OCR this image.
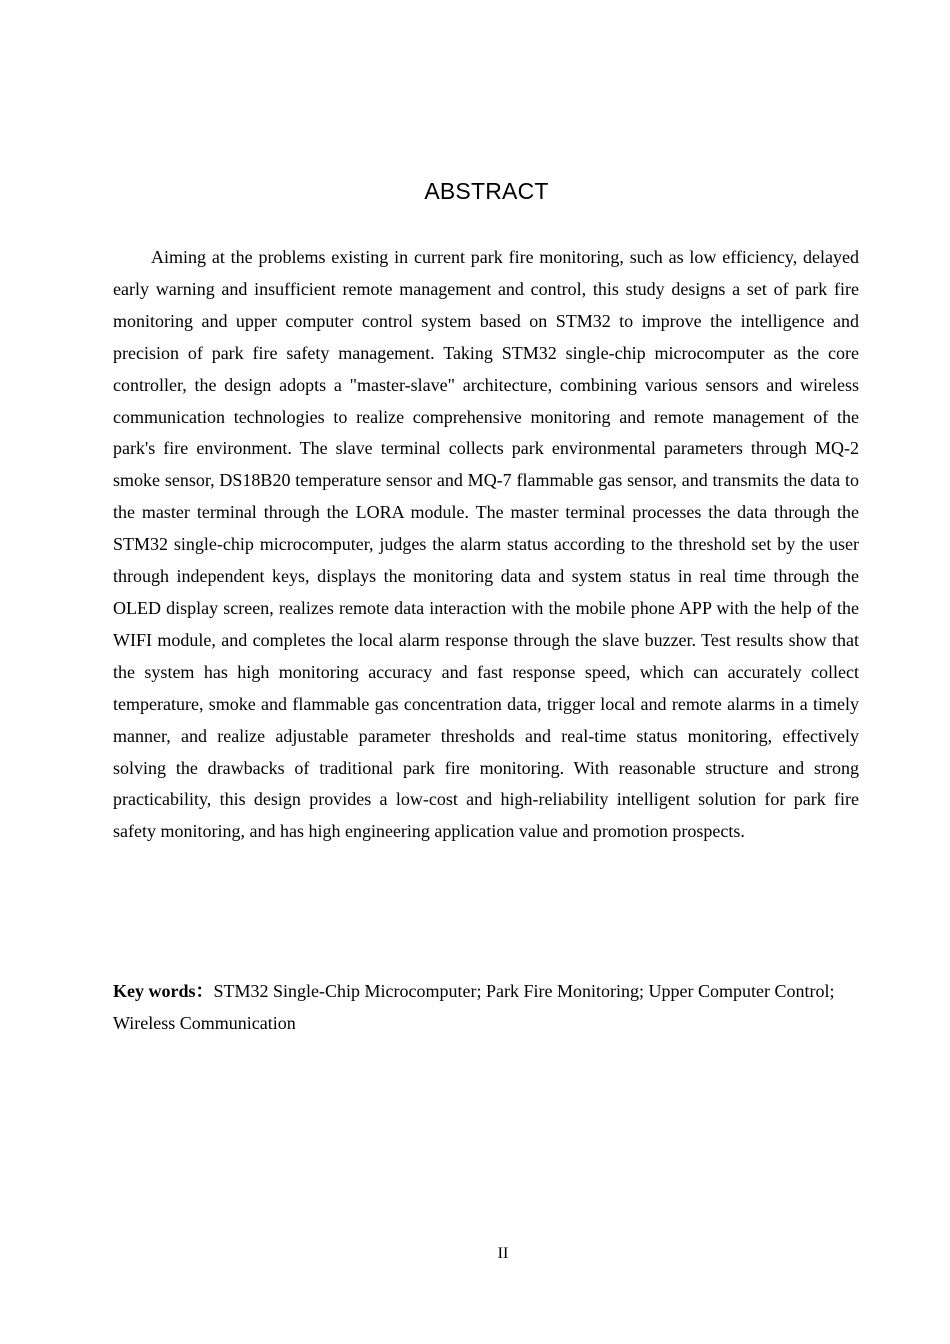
ABSTRACT

Aiming at the problems existing in current park fire monitoring, such as low efficiency, delayed early warning and insufficient remote management and control, this study designs a set of park fire monitoring and upper computer control system based on STM32 to improve the intelligence and precision of park fire safety management. Taking STM32 single-chip microcomputer as the core controller, the design adopts a "master-slave" architecture, combining various sensors and wireless communication technologies to realize comprehensive monitoring and remote management of the park's fire environment. The slave terminal collects park environmental parameters through MQ-2 smoke sensor, DS18B20 temperature sensor and MQ-7 flammable gas sensor, and transmits the data to the master terminal through the LORA module. The master terminal processes the data through the STM32 single-chip microcomputer, judges the alarm status according to the threshold set by the user through independent keys, displays the monitoring data and system status in real time through the OLED display screen, realizes remote data interaction with the mobile phone APP with the help of the WIFI module, and completes the local alarm response through the slave buzzer. Test results show that the system has high monitoring accuracy and fast response speed, which can accurately collect temperature, smoke and flammable gas concentration data, trigger local and remote alarms in a timely manner, and realize adjustable parameter thresholds and real-time status monitoring, effectively solving the drawbacks of traditional park fire monitoring. With reasonable structure and strong practicability, this design provides a low-cost and high-reliability intelligent solution for park fire safety monitoring, and has high engineering application value and promotion prospects.

Key words：STM32 Single-Chip Microcomputer; Park Fire Monitoring; Upper Computer Control; Wireless Communication

II
